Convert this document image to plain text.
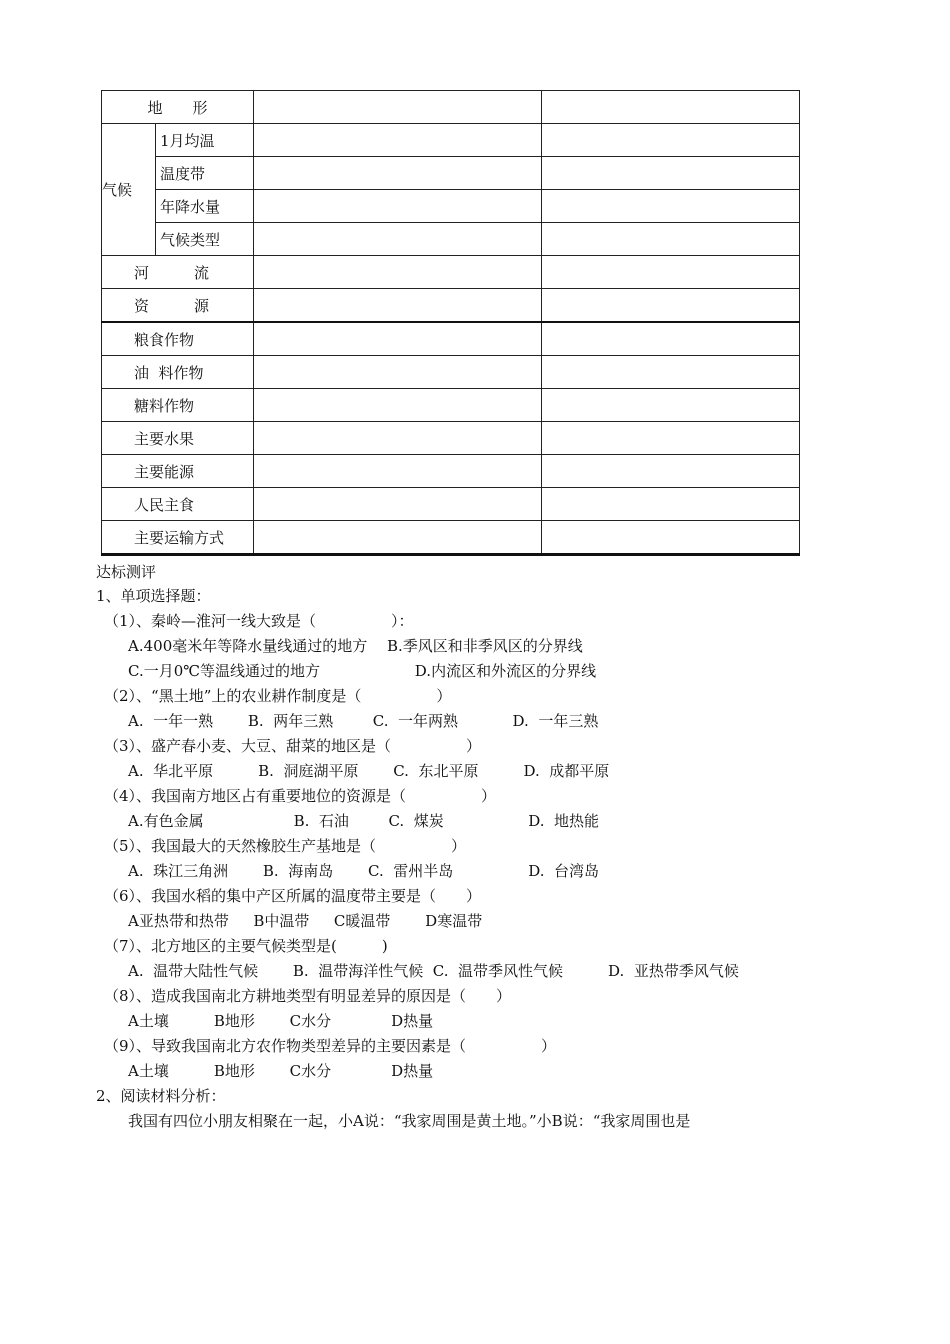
地　　形			
气候	1月均温		
	温度带		
	年降水量		
	气候类型		
河　　　流			
资　　　源			
粮食作物			
油  料作物			
糖料作物			
主要水果			
主要能源			
人民主食			
主要运输方式			
达标测评
1、单项选择题：
（1）、秦岭—淮河一线大致是（　　　　　）：
A.400毫米年等降水量线通过的地方　 B.季风区和非季风区的分界线
C.一月0℃等温线通过的地方　　　　　　 D.内流区和外流区的分界线
（2）、“黑土地”上的农业耕作制度是（　　　　　）
A.  一年一熟　　 B.  两年三熟　　  C.  一年两熟　　　  D.  一年三熟
（3）、盛产春小麦、大豆、甜菜的地区是（　　　　　）
A.  华北平原　　　B.  洞庭湖平原　　 C.  东北平原　　　D.  成都平原
（4）、我国南方地区占有重要地位的资源是（　　　　　）
A.有色金属　　　　　　B.  石油　　  C.  煤炭　　　　　  D.  地热能
（5）、我国最大的天然橡胶生产基地是（　　　　　）
A.  珠江三角洲　　 B.  海南岛　　 C.  雷州半岛　　　　　D.  台湾岛
（6）、我国水稻的集中产区所属的温度带主要是（　　）
A亚热带和热带　  B中温带　  C暖温带　　 D寒温带
（7）、北方地区的主要气候类型是(　　　)
A.  温带大陆性气候　　 B.  温带海洋性气候  C.  温带季风性气候　　　D.  亚热带季风气候
（8）、造成我国南北方耕地类型有明显差异的原因是（　　）
A土壤　　　B地形　　 C水分　　　　D热量
（9）、导致我国南北方农作物类型差异的主要因素是（　　　　　）
A土壤　　　B地形　　 C水分　　　　D热量
2、阅读材料分析：
我国有四位小朋友相聚在一起，小A说：“我家周围是黄土地。”小B说：“我家周围也是
